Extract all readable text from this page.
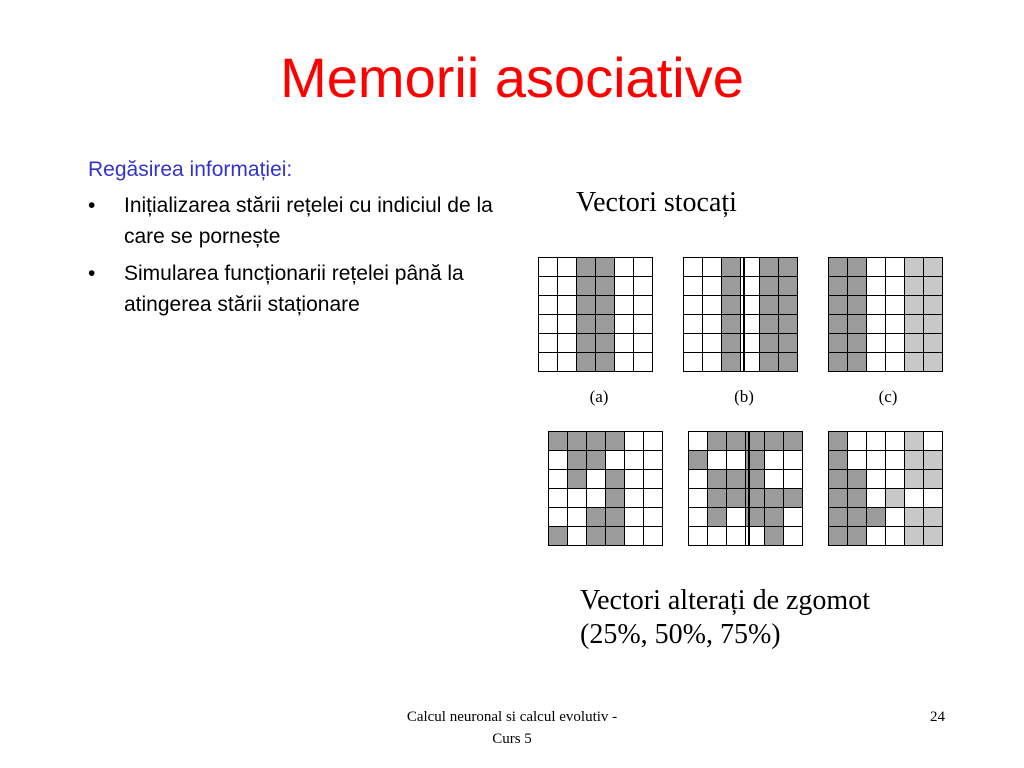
Memorii asociative
Regăsirea informației:
• Inițializarea stării rețelei cu indiciul de la care se pornește
• Simularea funcționarii rețelei până la atingerea stării staționare
Vectori stocați
(a)	(b)	(c)
Vectori alterați de zgomot
(25%, 50%, 75%)
Calcul neuronal si calcul evolutiv -
Curs 5
24
